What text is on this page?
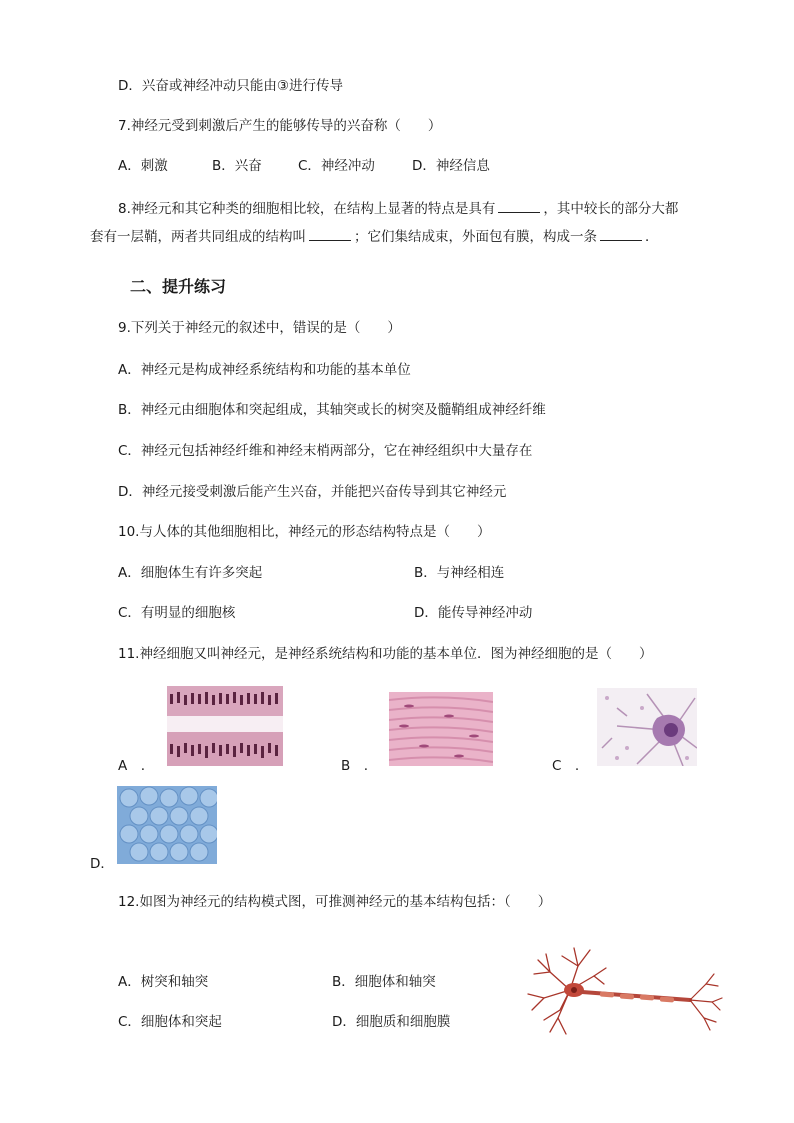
D．兴奋或神经冲动只能由③进行传导
7.神经元受到刺激后产生的能够传导的兴奋称（　　）
A．刺激	B．兴奋	C．神经冲动	D．神经信息
8.神经元和其它种类的细胞相比较，在结构上显著的特点是具有	，其中较长的部分大都
套有一层鞘，两者共同组成的结构叫	；它们集结成束，外面包有膜，构成一条	．
二、提升练习
9.下列关于神经元的叙述中，错误的是（　　）
A．神经元是构成神经系统结构和功能的基本单位
B．神经元由细胞体和突起组成，其轴突或长的树突及髓鞘组成神经纤维
C．神经元包括神经纤维和神经末梢两部分，它在神经组织中大量存在
D．神经元接受刺激后能产生兴奋，并能把兴奋传导到其它神经元
10.与人体的其他细胞相比，神经元的形态结构特点是（　　）
A．细胞体生有许多突起	B．与神经相连
C．有明显的细胞核	D．能传导神经冲动
11.神经细胞又叫神经元，是神经系统结构和功能的基本单位．图为神经细胞的是（　　）
A　.	B　.	C　.
D．
12.如图为神经元的结构模式图，可推测神经元的基本结构包括：（　　）
A．树突和轴突	B．细胞体和轴突
C．细胞体和突起	D．细胞质和细胞膜
